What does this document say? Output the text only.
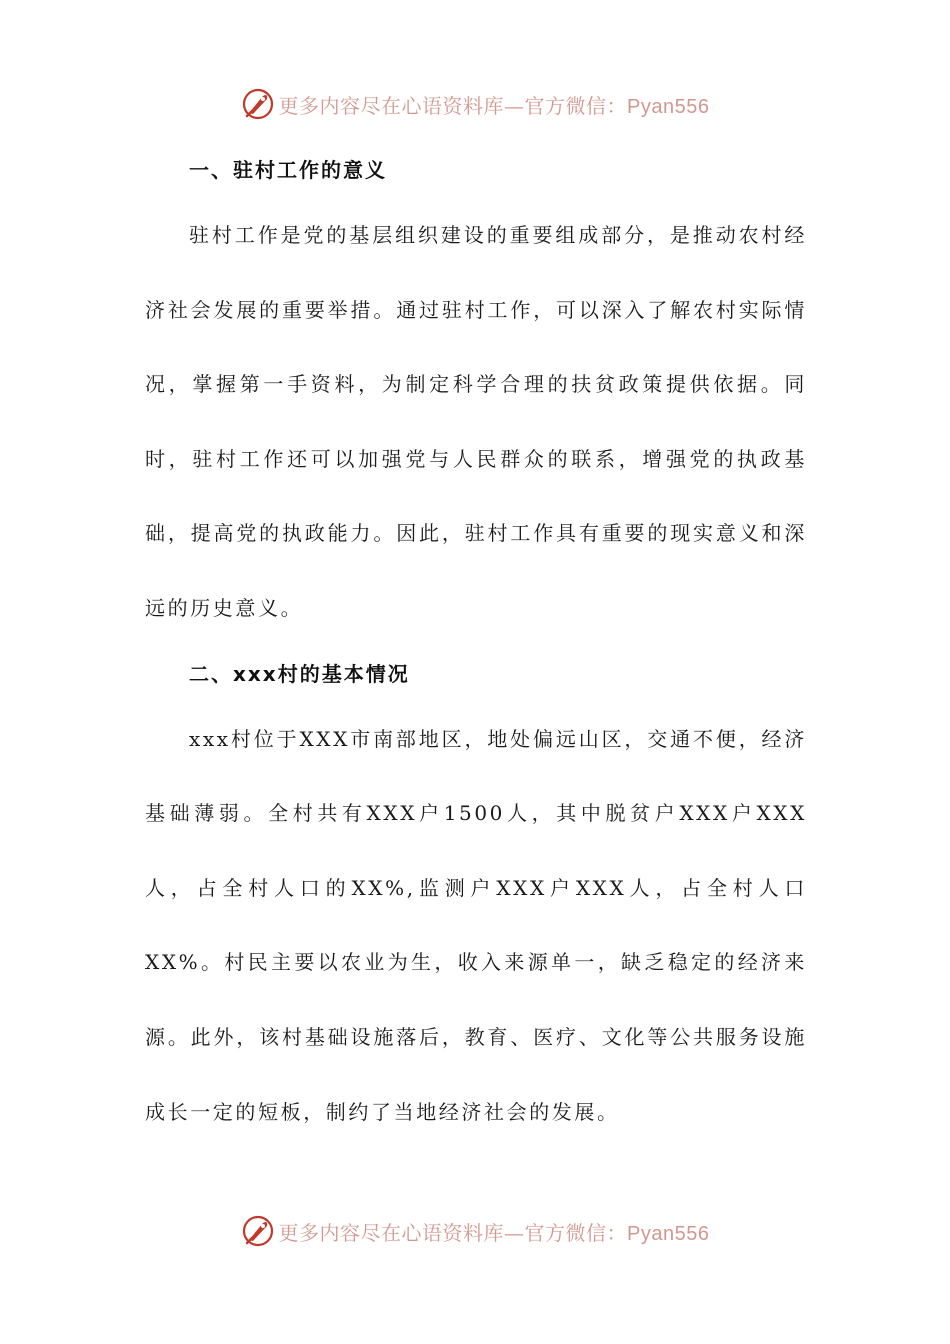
更多内容尽在心语资料库—官方微信：Pyan556
一、驻村工作的意义

驻村工作是党的基层组织建设的重要组成部分，是推动农村经济社会发展的重要举措。通过驻村工作，可以深入了解农村实际情况，掌握第一手资料，为制定科学合理的扶贫政策提供依据。同时，驻村工作还可以加强党与人民群众的联系，增强党的执政基础，提高党的执政能力。因此，驻村工作具有重要的现实意义和深远的历史意义。

二、xxx村的基本情况

xxx村位于XXX市南部地区，地处偏远山区，交通不便，经济基础薄弱。全村共有XXX户1500人，其中脱贫户XXX户XXX人，占全村人口的XX%,监测户XXX户XXX人，占全村人口XX%。村民主要以农业为生，收入来源单一，缺乏稳定的经济来源。此外，该村基础设施落后，教育、医疗、文化等公共服务设施成长一定的短板，制约了当地经济社会的发展。

更多内容尽在心语资料库—官方微信：Pyan556
